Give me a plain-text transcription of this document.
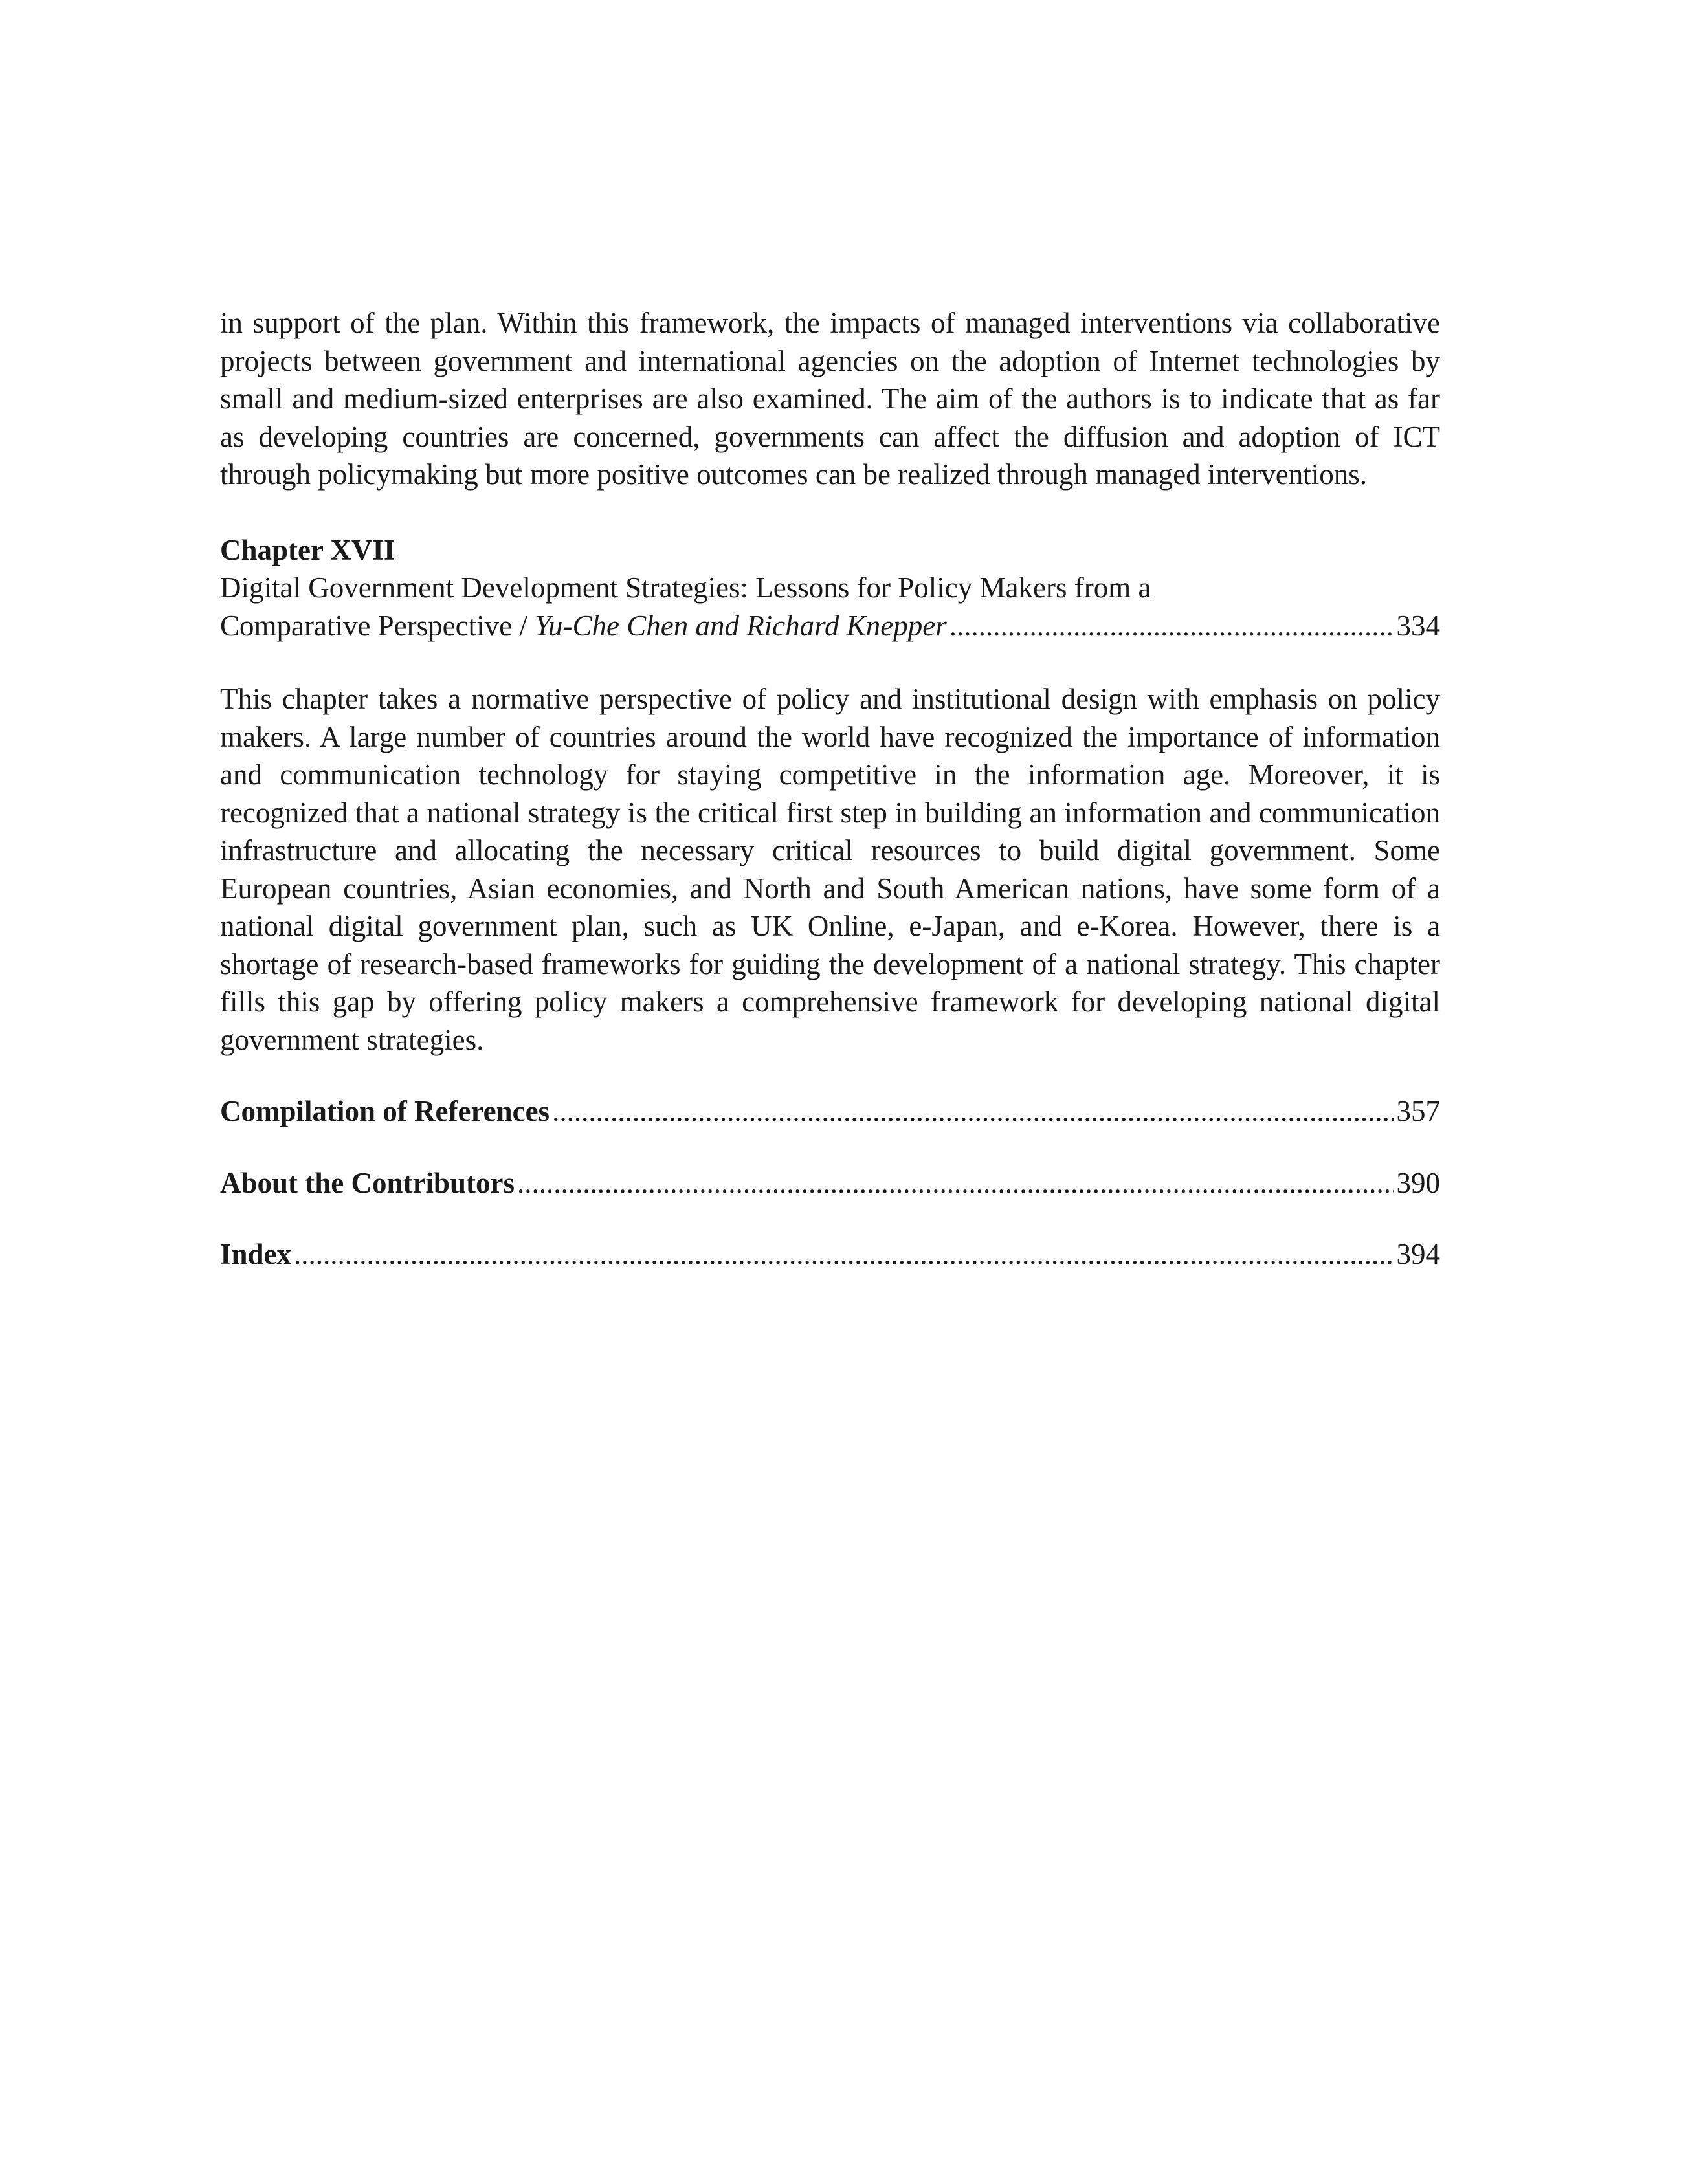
in support of the plan. Within this framework, the impacts of managed interventions via collaborative projects between government and international agencies on the adoption of Internet technologies by small and medium-sized enterprises are also examined. The aim of the authors is to indicate that as far as developing countries are concerned, governments can affect the diffusion and adoption of ICT through policymaking but more positive outcomes can be realized through managed interventions.

Chapter XVII
Digital Government Development Strategies: Lessons for Policy Makers from a
Comparative Perspective / Yu-Che Chen and Richard Knepper .....	334

This chapter takes a normative perspective of policy and institutional design with emphasis on policy makers. A large number of countries around the world have recognized the importance of information and communication technology for staying competitive in the information age. Moreover, it is recognized that a national strategy is the critical first step in building an information and communication infrastructure and allocating the necessary critical resources to build digital government. Some European countries, Asian economies, and North and South American nations, have some form of a national digital government plan, such as UK Online, e-Japan, and e-Korea. However, there is a shortage of research-based frameworks for guiding the development of a national strategy. This chapter fills this gap by offering policy makers a comprehensive framework for developing national digital government strategies.

Compilation of References .....	357
About the Contributors .....	390
Index .....	394
